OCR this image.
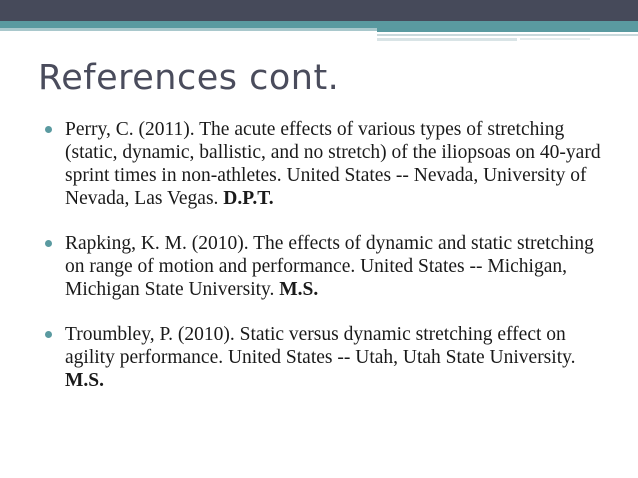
References cont.
Perry, C. (2011). The acute effects of various types of stretching (static, dynamic, ballistic, and no stretch) of the iliopsoas on 40-yard sprint times in non-athletes. United States -- Nevada, University of Nevada, Las Vegas. D.P.T.
Rapking, K. M. (2010). The effects of dynamic and static stretching on range of motion and performance. United States -- Michigan, Michigan State University. M.S.
Troumbley, P. (2010). Static versus dynamic stretching effect on agility performance. United States -- Utah, Utah State University. M.S.
